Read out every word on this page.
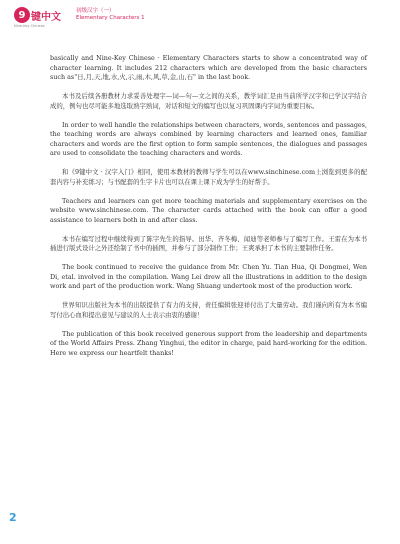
9 键中文
Nine-Key Chinese
初级汉字（一）
Elementary Characters 1

basically and Nine-Key Chinese · Elementary Characters starts to show a concentrated way of character learning. It includes 212 characters which are developed from the basic characters such as"日,月,天,地,水,火,示,雨,木,风,草,金,山,石" in the last book.

本书及后续各册教材力求妥善处理字—词—句—文之间的关系，教学词汇是由当前所学汉字和已学汉字结合成的，例句也尽可能多地选取熟字熟词，对话和短文的编写也以复习巩固课内字词为重要目标。

In order to well handle the relationships between characters, words, sentences and passages, the teaching words are always combined by learning characters and learned ones, familiar characters and words are the first option to form sample sentences, the dialogues and passages are used to consolidate the teaching characters and words.

和《9键中文 · 汉字入门》相同，使用本教材的教师与学生可以在www.sinchinese.com上浏览到更多的配套内容与补充练习；与书配套的生字卡片也可以在课上课下成为学生的好帮手。

Teachers and learners can get more teaching materials and supplementary exercises on the website www.sinchinese.com. The character cards attached with the book can offer a good assistance to learners both in and after class.

本书在编写过程中继续得到了陈字先生的指导。田华、齐冬梅、闻迪等老师参与了编写工作。王雷在为本书插进行版式设计之外还绘制了书中的插图，并参与了部分制作工作；王爽承担了本书的主要制作任务。

The book continued to receive the guidance from Mr. Chen Yu. Tian Hua, Qi Dongmei, Wen Di, etal. involved in the compilation. Wang Lei drew all the illustrations in addition to the design work and part of the production work. Wang Shuang undertook most of the production work.

世界知识出版社为本书的出版提供了有力的支持，责任编辑张迎祥付出了大量劳动。我们谨向所有为本书编写付出心血和提出意见与建议的人士表示由衷的感谢！

The publication of this book received generous support from the leadership and departments of the World Affairs Press. Zhang Yinghui, the editor in charge, paid hard-working for the edition. Here we express our heartfelt thanks!

2
